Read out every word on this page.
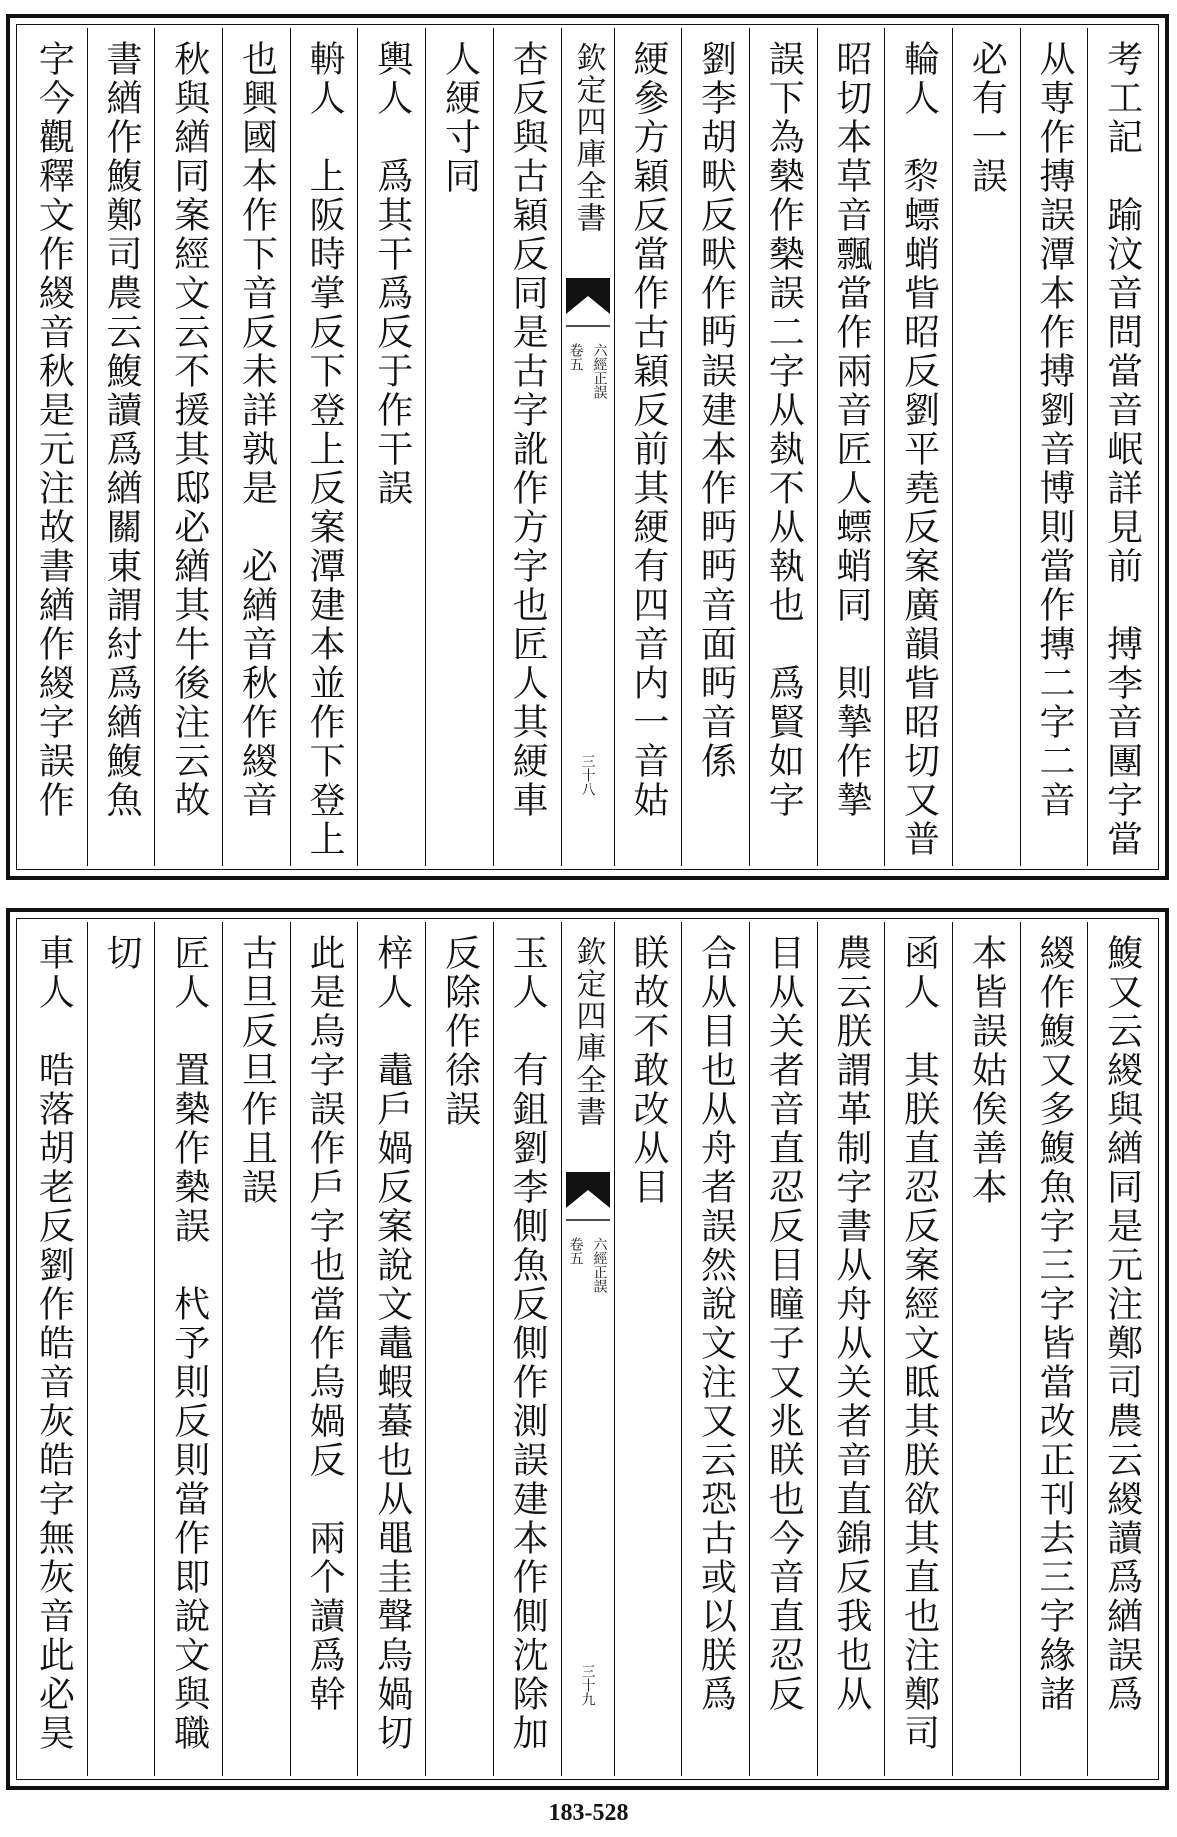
考工記　踰汶音問當音岷詳見前　搏李音團字當
从専作摶誤潭本作搏劉音博則當作摶二字二音
必有一誤
輪人　𥟖螵蛸眥昭反劉平堯反案廣韻眥昭切又普
昭切本草音飄當作兩音匠人螵蛸同　則摯作摯
誤下為槷作槷誤二字从埶不从執也　爲賢如字
劉李胡畎反畎作眄誤建本作眄眄音面眄音係
綆參方穎反當作古穎反前其綆有四音内一音姑
欽定四庫全書
六經正誤
卷五
三十八
杏反與古穎反同是古字訛作方字也匠人其綆車
人綆寸同
輿人　爲其干爲反于作干誤
輈人　上阪時掌反下登上反案潭建本並作下登上
也興國本作下音反未詳孰是　必緧音秋作緵音
秋與緧同案經文云不援其邸必緧其牛後注云故
書緧作鰒鄭司農云鰒讀爲緧關東謂紂爲緧鰒魚
字今觀釋文作緵音秋是元注故書緧作緵字誤作
鰒又云緵與緧同是元注鄭司農云緵讀爲緧誤爲
緵作鰒又多鰒魚字三字皆當改正刊去三字緣諸
本皆誤姑俟善本
函人　其朕直忍反案經文眡其朕欲其直也注鄭司
農云朕謂革制字書从舟从关者音直錦反我也从
目从关者音直忍反目瞳子又兆眹也今音直忍反
合从目也从舟者誤然說文注又云恐古或以朕爲
眹故不敢改从目
欽定四庫全書
六經正誤
卷五
三十九
玉人　有鉏劉李側魚反側作測誤建本作側沈除加
反除作徐誤
梓人　鼃戶媧反案說文鼃蝦蟇也从黽圭聲烏媧切
此是烏字誤作戶字也當作烏媧反　兩个讀爲幹
古旦反旦作且誤
匠人　置槷作槷誤　杙予則反則當作即說文與職
切
車人　晧落胡老反劉作皓音灰皓字無灰音此必昊
183-528
